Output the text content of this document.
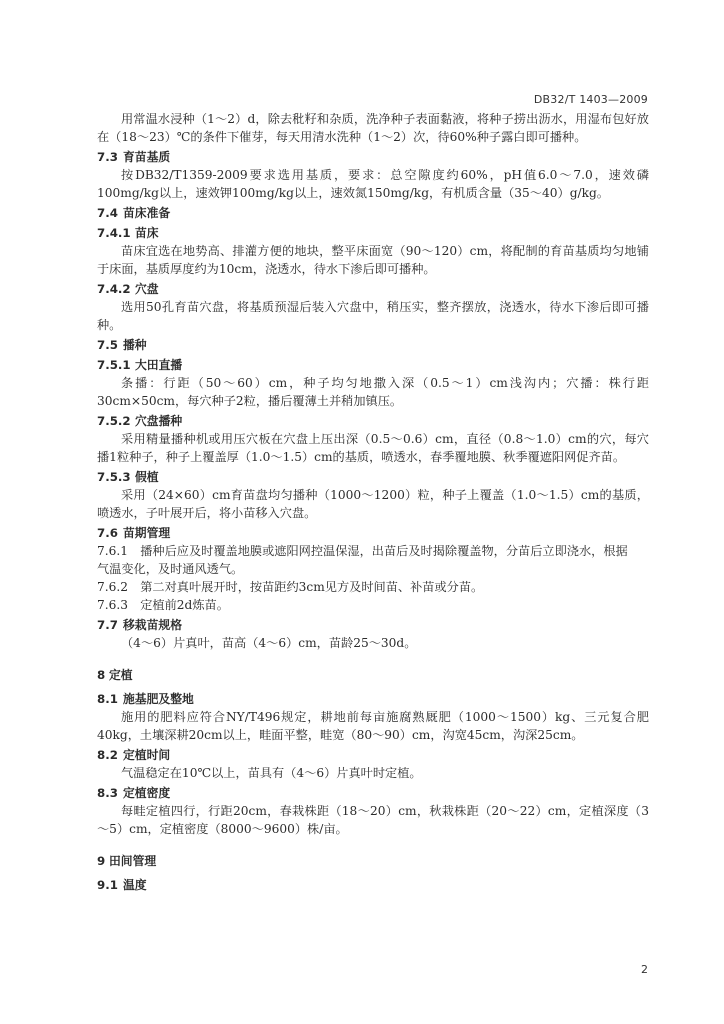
DB32/T 1403—2009
用常温水浸种（1～2）d，除去秕籽和杂质，洗净种子表面黏液，将种子捞出沥水，用湿布包好放在（18～23）℃的条件下催芽，每天用清水洗种（1～2）次，待60%种子露白即可播种。
7.3 育苗基质
按DB32/T1359-2009要求选用基质，要求：总空隙度约60%，pH值6.0～7.0，速效磷100mg/kg以上，速效钾100mg/kg以上，速效氮150mg/kg，有机质含量（35～40）g/kg。
7.4 苗床准备
7.4.1 苗床
苗床宜选在地势高、排灌方便的地块，整平床面宽（90～120）cm，将配制的育苗基质均匀地铺于床面，基质厚度约为10cm，浇透水，待水下渗后即可播种。
7.4.2 穴盘
选用50孔育苗穴盘，将基质预湿后装入穴盘中，稍压实，整齐摆放，浇透水，待水下渗后即可播种。
7.5 播种
7.5.1 大田直播
条播：行距（50～60）cm，种子均匀地撒入深（0.5～1）cm浅沟内；穴播：株行距30cm×50cm，每穴种子2粒，播后覆薄土并稍加镇压。
7.5.2 穴盘播种
采用精量播种机或用压穴板在穴盘上压出深（0.5～0.6）cm，直径（0.8～1.0）cm的穴，每穴播1粒种子，种子上覆盖厚（1.0～1.5）cm的基质，喷透水，春季覆地膜、秋季覆遮阳网促齐苗。
7.5.3 假植
采用（24×60）cm育苗盘均匀播种（1000～1200）粒，种子上覆盖（1.0～1.5）cm的基质，喷透水，子叶展开后，将小苗移入穴盘。
7.6 苗期管理
7.6.1　播种后应及时覆盖地膜或遮阳网控温保湿，出苗后及时揭除覆盖物，分苗后立即浇水，根据
气温变化，及时通风透气。
7.6.2　第二对真叶展开时，按苗距约3cm见方及时间苗、补苗或分苗。
7.6.3　定植前2d炼苗。
7.7 移栽苗规格
（4～6）片真叶，苗高（4～6）cm，苗龄25～30d。
8 定植
8.1 施基肥及整地
施用的肥料应符合NY/T496规定，耕地前每亩施腐熟厩肥（1000～1500）kg、三元复合肥40kg，土壤深耕20cm以上，畦面平整，畦宽（80～90）cm，沟宽45cm，沟深25cm。
8.2 定植时间
气温稳定在10℃以上，苗具有（4～6）片真叶时定植。
8.3 定植密度
每畦定植四行，行距20cm，春栽株距（18～20）cm，秋栽株距（20～22）cm，定植深度（3～5）cm，定植密度（8000～9600）株/亩。
9 田间管理
9.1 温度
2
